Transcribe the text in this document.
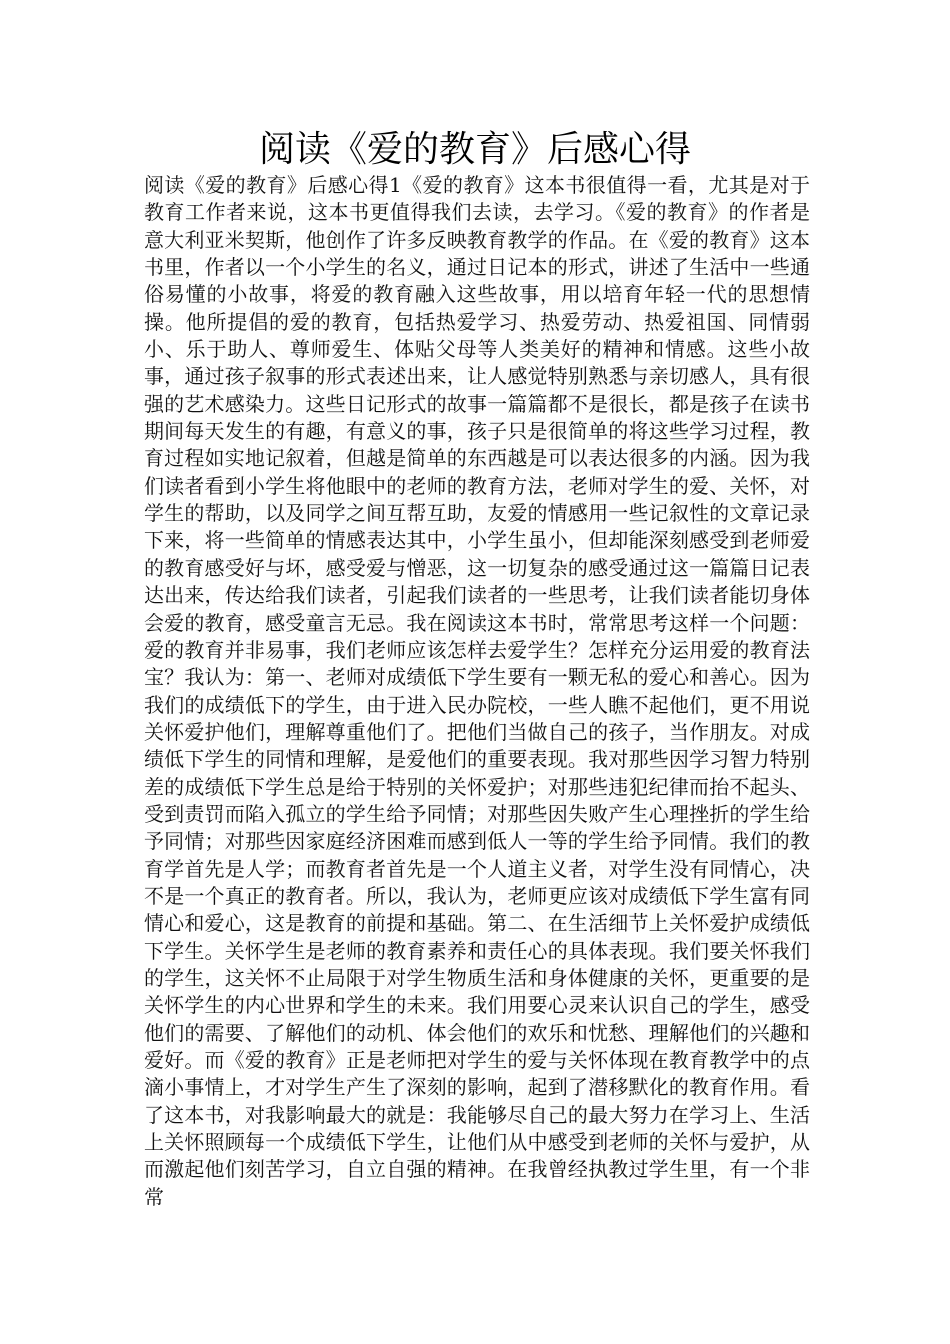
阅读《爱的教育》后感心得

阅读《爱的教育》后感心得1《爱的教育》这本书很值得一看，尤其是对于教育工作者来说，这本书更值得我们去读，去学习。《爱的教育》的作者是意大利亚米契斯，他创作了许多反映教育教学的作品。在《爱的教育》这本书里，作者以一个小学生的名义，通过日记本的形式，讲述了生活中一些通俗易懂的小故事，将爱的教育融入这些故事，用以培育年轻一代的思想情操。他所提倡的爱的教育，包括热爱学习、热爱劳动、热爱祖国、同情弱小、乐于助人、尊师爱生、体贴父母等人类美好的精神和情感。这些小故事，通过孩子叙事的形式表述出来，让人感觉特别熟悉与亲切感人，具有很强的艺术感染力。这些日记形式的故事一篇篇都不是很长，都是孩子在读书期间每天发生的有趣，有意义的事，孩子只是很简单的将这些学习过程，教育过程如实地记叙着，但越是简单的东西越是可以表达很多的内涵。因为我们读者看到小学生将他眼中的老师的教育方法，老师对学生的爱、关怀，对学生的帮助，以及同学之间互帮互助，友爱的情感用一些记叙性的文章记录下来，将一些简单的情感表达其中，小学生虽小，但却能深刻感受到老师爱的教育感受好与坏，感受爱与憎恶，这一切复杂的感受通过这一篇篇日记表达出来，传达给我们读者，引起我们读者的一些思考，让我们读者能切身体会爱的教育，感受童言无忌。我在阅读这本书时，常常思考这样一个问题：爱的教育并非易事，我们老师应该怎样去爱学生？怎样充分运用爱的教育法宝？我认为：第一、老师对成绩低下学生要有一颗无私的爱心和善心。因为我们的成绩低下的学生，由于进入民办院校，一些人瞧不起他们，更不用说关怀爱护他们，理解尊重他们了。把他们当做自己的孩子，当作朋友。对成绩低下学生的同情和理解，是爱他们的重要表现。我对那些因学习智力特别差的成绩低下学生总是给于特别的关怀爱护；对那些违犯纪律而抬不起头、受到责罚而陷入孤立的学生给予同情；对那些因失败产生心理挫折的学生给予同情；对那些因家庭经济困难而感到低人一等的学生给予同情。我们的教育学首先是人学；而教育者首先是一个人道主义者，对学生没有同情心，决不是一个真正的教育者。所以，我认为，老师更应该对成绩低下学生富有同情心和爱心，这是教育的前提和基础。第二、在生活细节上关怀爱护成绩低下学生。关怀学生是老师的教育素养和责任心的具体表现。我们要关怀我们的学生，这关怀不止局限于对学生物质生活和身体健康的关怀，更重要的是关怀学生的内心世界和学生的未来。我们用要心灵来认识自己的学生，感受他们的需要、了解他们的动机、体会他们的欢乐和忧愁、理解他们的兴趣和爱好。而《爱的教育》正是老师把对学生的爱与关怀体现在教育教学中的点滴小事情上，才对学生产生了深刻的影响，起到了潜移默化的教育作用。看了这本书，对我影响最大的就是：我能够尽自己的最大努力在学习上、生活上关怀照顾每一个成绩低下学生，让他们从中感受到老师的关怀与爱护，从而激起他们刻苦学习，自立自强的精神。在我曾经执教过学生里，有一个非常
